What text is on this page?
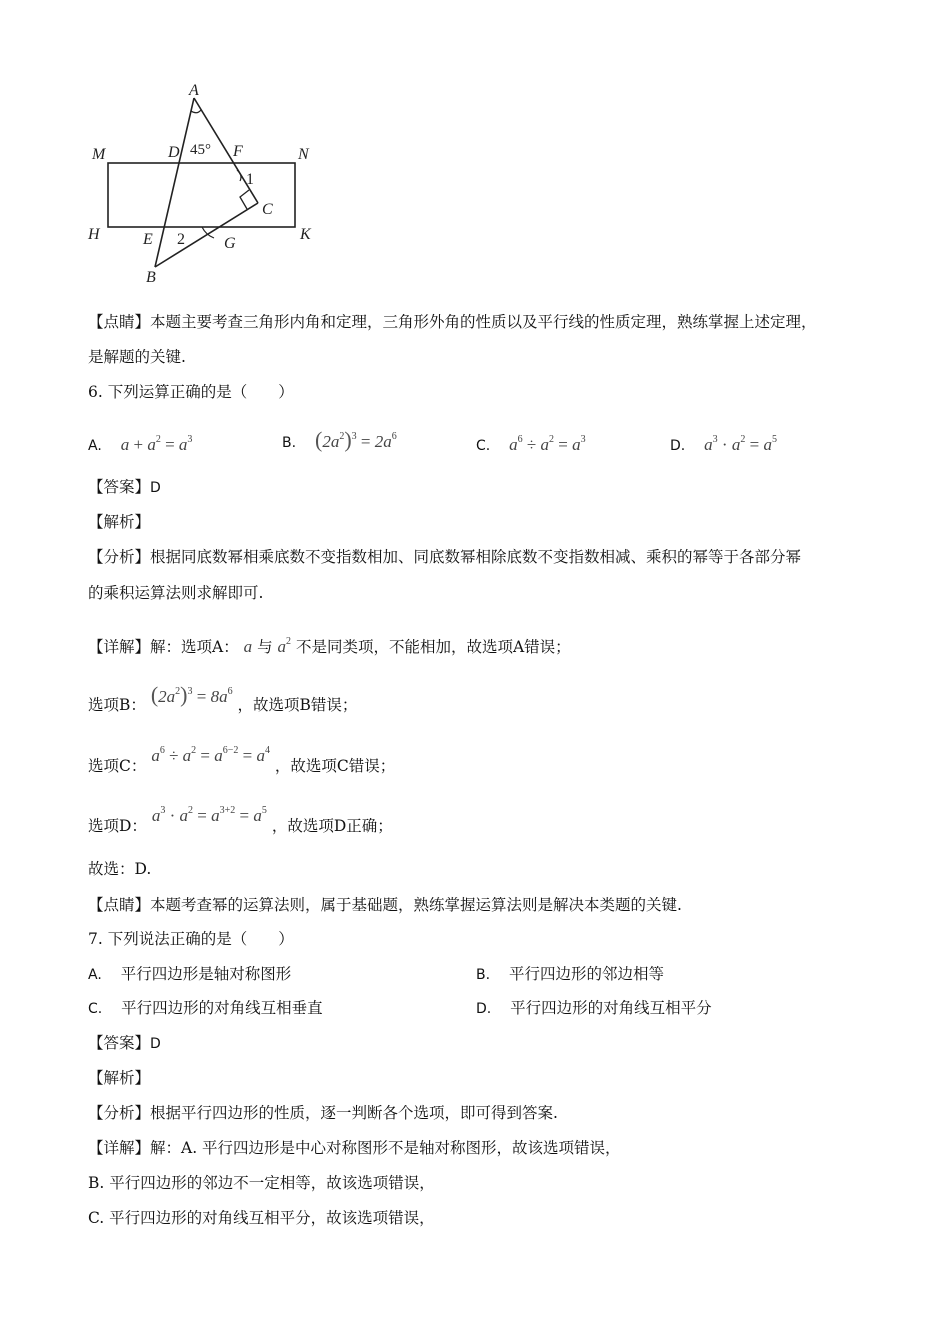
A
M	D 45° F	N
1
C
H	E 2 G
K
B
【点睛】本题主要考查三角形内角和定理，三角形外角的性质以及平行线的性质定理，熟练掌握上述定理，
是解题的关键.
6. 下列运算正确的是（　　）
A. $a + a^2 = a^3$	B. $(2a^2)^3 = 2a^6$
C. $a^6 \div a^2 = a^3$	D. $a^3 \cdot a^2 = a^5$
【答案】D
【解析】
【分析】根据同底数幂相乘底数不变指数相加、同底数幂相除底数不变指数相减、乘积的幂等于各部分幂
的乘积运算法则求解即可.
【详解】解：选项A： a 与 $a^2$ 不是同类项，不能相加，故选项A错误；
选项B： $(2a^2)^3 = 8a^6$ ，故选项B错误；
选项C： $a^6 \div a^2 = a^{6-2} = a^4$ ，故选项C错误；
选项D： $a^3 \cdot a^2 = a^{3+2} = a^5$ ，故选项D正确；
故选：D.
【点睛】本题考查幂的运算法则，属于基础题，熟练掌握运算法则是解决本类题的关键.
7. 下列说法正确的是（　　）
A. 平行四边形是轴对称图形	B. 平行四边形的邻边相等
C. 平行四边形的对角线互相垂直	D. 平行四边形的对角线互相平分
【答案】D
【解析】
【分析】根据平行四边形的性质，逐一判断各个选项，即可得到答案.
【详解】解：A. 平行四边形是中心对称图形不是轴对称图形，故该选项错误，
B. 平行四边形的邻边不一定相等，故该选项错误，
C. 平行四边形的对角线互相平分，故该选项错误，
